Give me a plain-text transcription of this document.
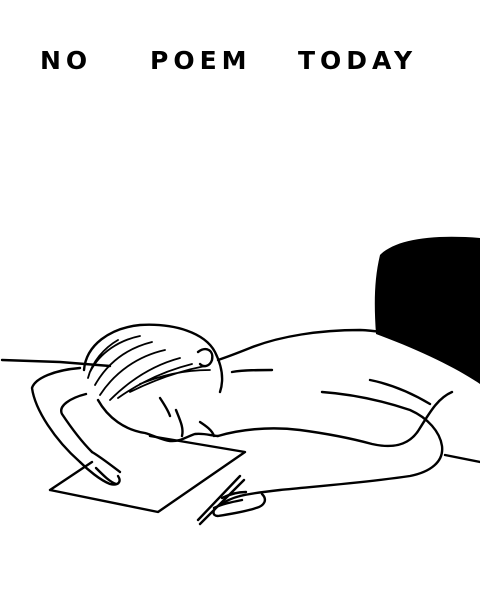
NO POEM TODAY
